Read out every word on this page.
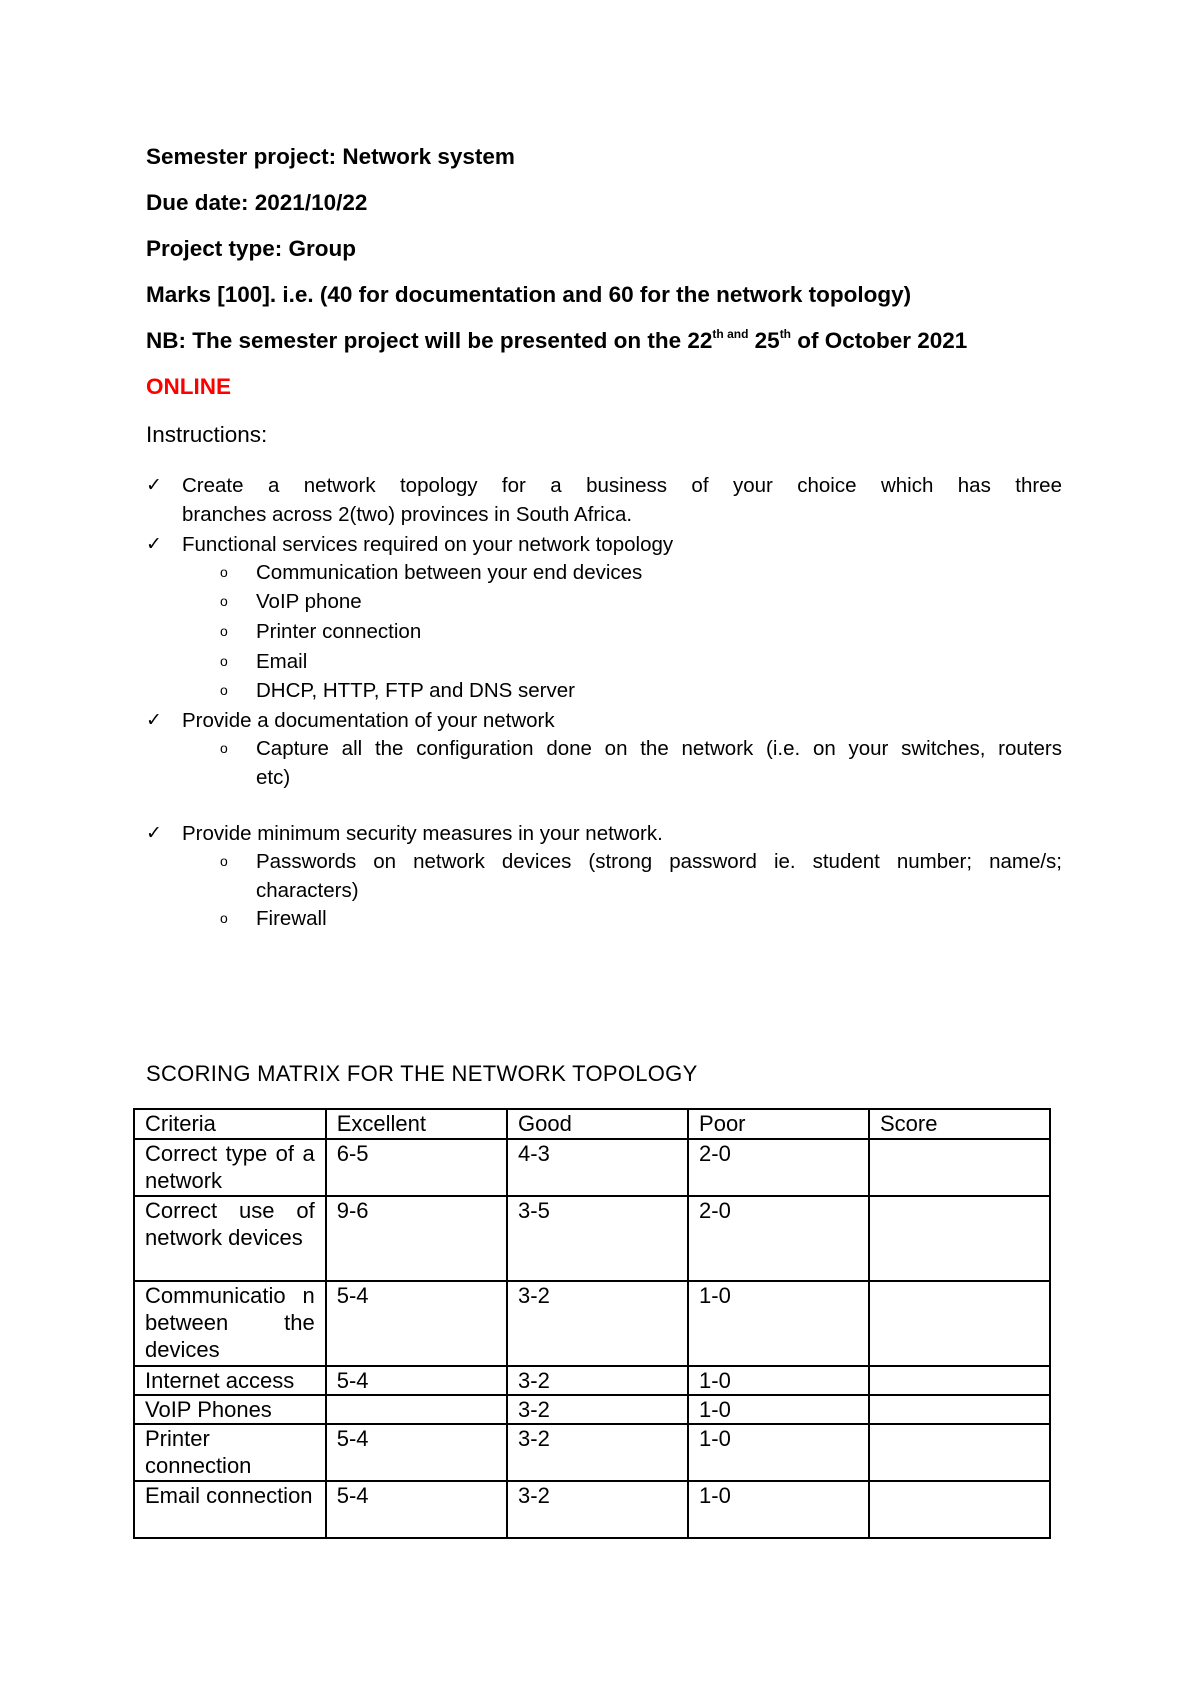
Semester project: Network system
Due date: 2021/10/22
Project type: Group
Marks [100]. i.e. (40 for documentation and 60 for the network topology)
NB: The semester project will be presented on the $22^{th and}$ 25th of October 2021
ONLINE
Instructions:
✓ Create a network topology for a business of your choice which has three
branches across 2(two) provinces in South Africa.
✓ Functional services required on your network topology
o Communication between your end devices
o VoIP phone
o Printer connection
o Email
o DHCP, HTTP, FTP and DNS server
✓ Provide a documentation of your network
o Capture all the configuration done on the network (i.e. on your switches, routers
etc)
✓ Provide minimum security measures in your network.
o Passwords on network devices (strong password ie. student number; name/s;
characters)
o Firewall
SCORING MATRIX FOR THE NETWORK TOPOLOGY
Criteria	Excellent	Good	Poor	Score
Correct type of a network	6-5	4-3	2-0	
Correct use of network devices	9-6	3-5	2-0	
Communicatio n between the devices	5-4	3-2	1-0	
Internet access	5-4	3-2	1-0	
VoIP Phones		3-2	1-0	
Printer connection	5-4	3-2	1-0	
Email connection	5-4	3-2	1-0	
